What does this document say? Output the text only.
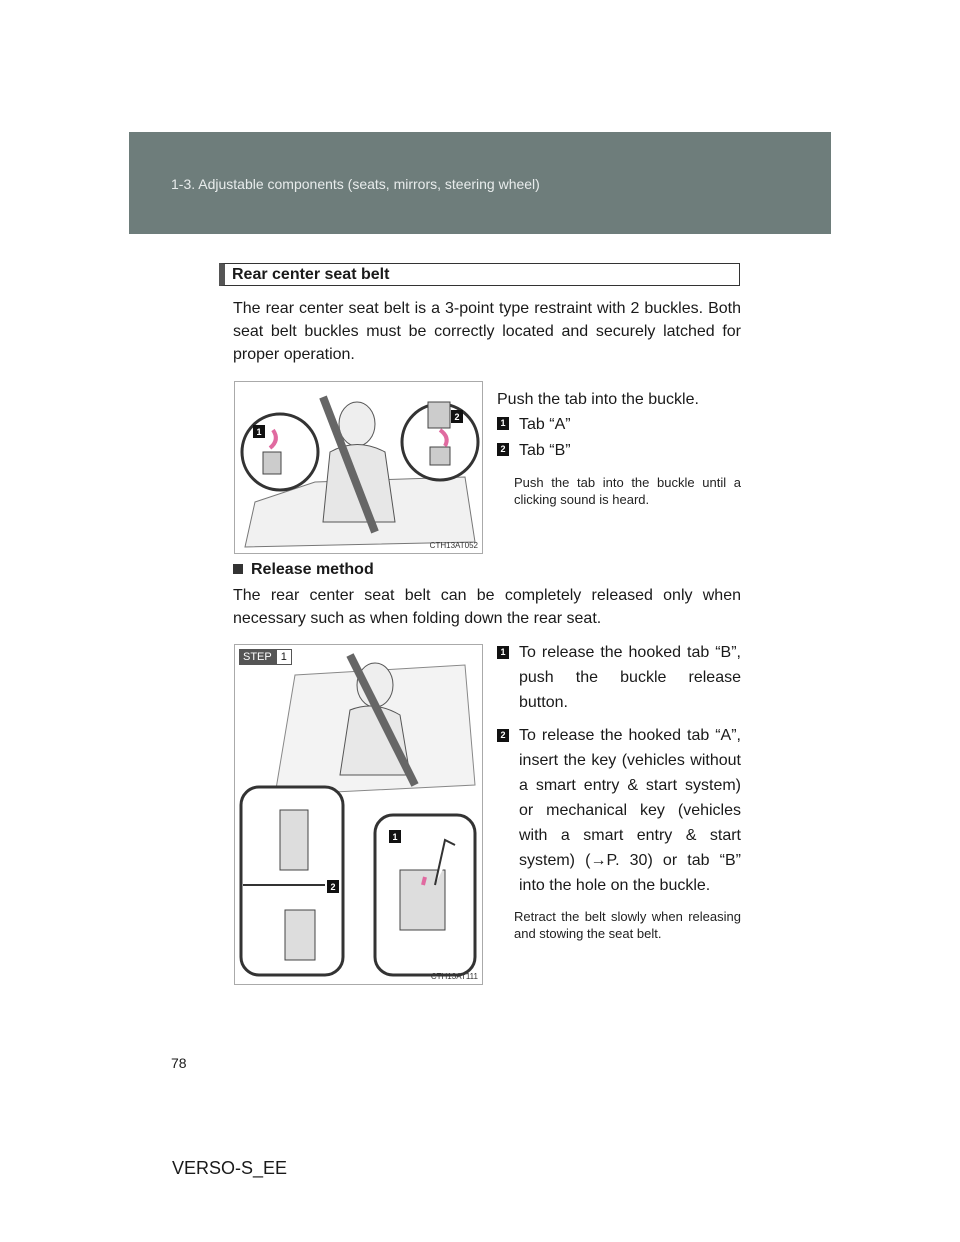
1-3. Adjustable components (seats, mirrors, steering wheel)
Rear center seat belt
The rear center seat belt is a 3-point type restraint with 2 buckles. Both seat belt buckles must be correctly located and securely latched for proper operation.
1
2
CTH13AT052
Push the tab into the buckle.
1 Tab “A”
2 Tab “B”
Push the tab into the buckle until a clicking sound is heard.
Release method
The rear center seat belt can be completely released only when necessary such as when folding down the rear seat.
STEP 1
1
2
CTH13AT111
1 To release the hooked tab “B”, push the buckle release button.
2 To release the hooked tab “A”, insert the key (vehicles without a smart entry & start system) or mechanical key (vehicles with a smart entry & start system) (→P. 30) or tab “B” into the hole on the buckle.
Retract the belt slowly when releasing and stowing the seat belt.
78
VERSO-S_EE
